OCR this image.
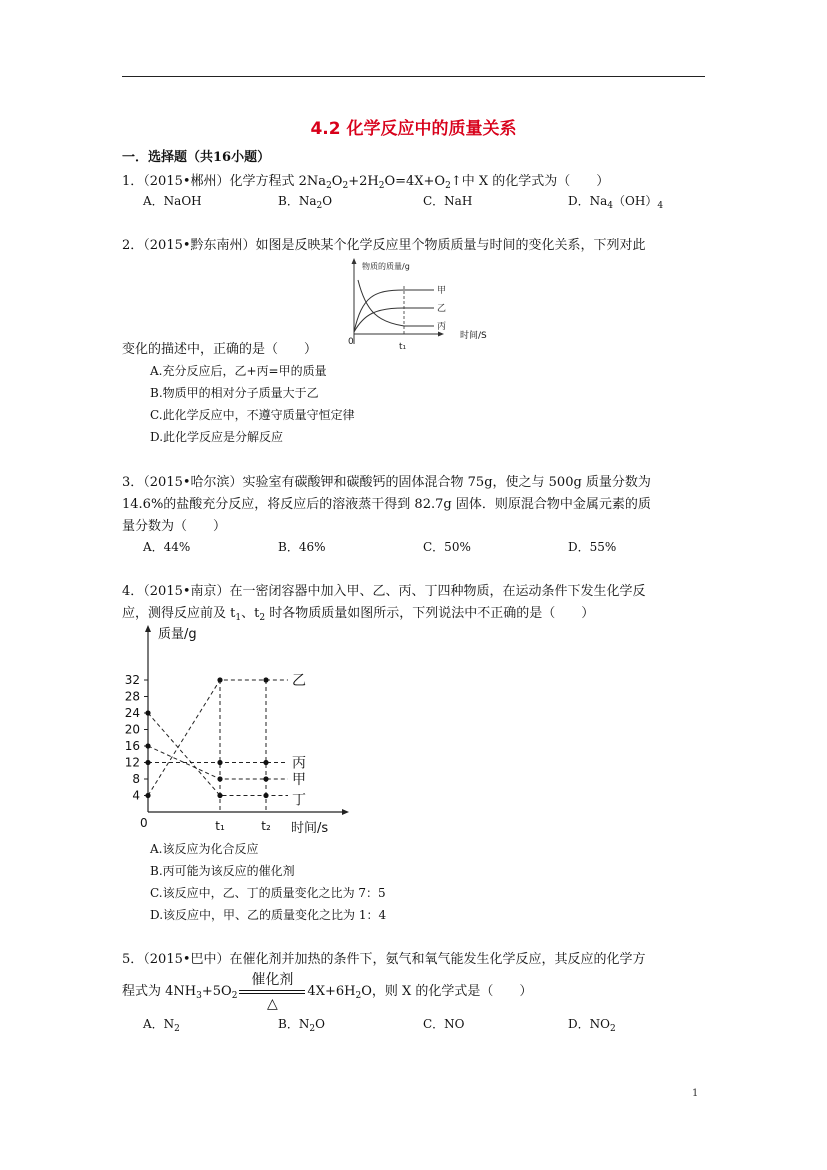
4.2 化学反应中的质量关系
一．选择题（共16小题）
1．（2015•郴州）化学方程式 $2Na_2O_2+2H_2O=4X+O_2↑$中 X 的化学式为（　　）
A．NaOH	B．$Na_2O$	C．NaH	D．$Na_4(OH)_4$
2．（2015•黔东南州）如图是反映某个化学反应里个物质质量与时间的变化关系，下列对此
物质的质量/g
甲
乙
丙
0	t₁
时间/S
变化的描述中，正确的是（　　）
A.充分反应后，乙+丙=甲的质量
B.物质甲的相对分子质量大于乙
C.此化学反应中，不遵守质量守恒定律
D.此化学反应是分解反应
3．（2015•哈尔滨）实验室有碳酸钾和碳酸钙的固体混合物 75g，使之与 500g 质量分数为
14.6%的盐酸充分反应，将反应后的溶液蒸干得到 82.7g 固体．则原混合物中金属元素的质
量分数为（　　）
A．44%	B．46%	C．50%	D．55%
4．（2015•南京）在一密闭容器中加入甲、乙、丙、丁四种物质，在运动条件下发生化学反
应，测得反应前及 $t_1$、$t_2$ 时各物质质量如图所示，下列说法中不正确的是（　　）
4
8
12
16
20
24
28
32
t₁	t₂
乙
丙
甲
丁
质量/g
0	时间/s
A.该反应为化合反应
B.丙可能为该反应的催化剂
C.该反应中，乙、丁的质量变化之比为 7：5
D.该反应中，甲、乙的质量变化之比为 1：4
5．（2015•巴中）在催化剂并加热的条件下，氨气和氧气能发生化学反应，其反应的化学方
程式为 $4NH_3+5O_2$
催化剂
△
$4X+6H_2O$，则 X 的化学式是（　　）
A．$N_2$	B．$N_2O$	C．NO	D．$NO_2$
1
